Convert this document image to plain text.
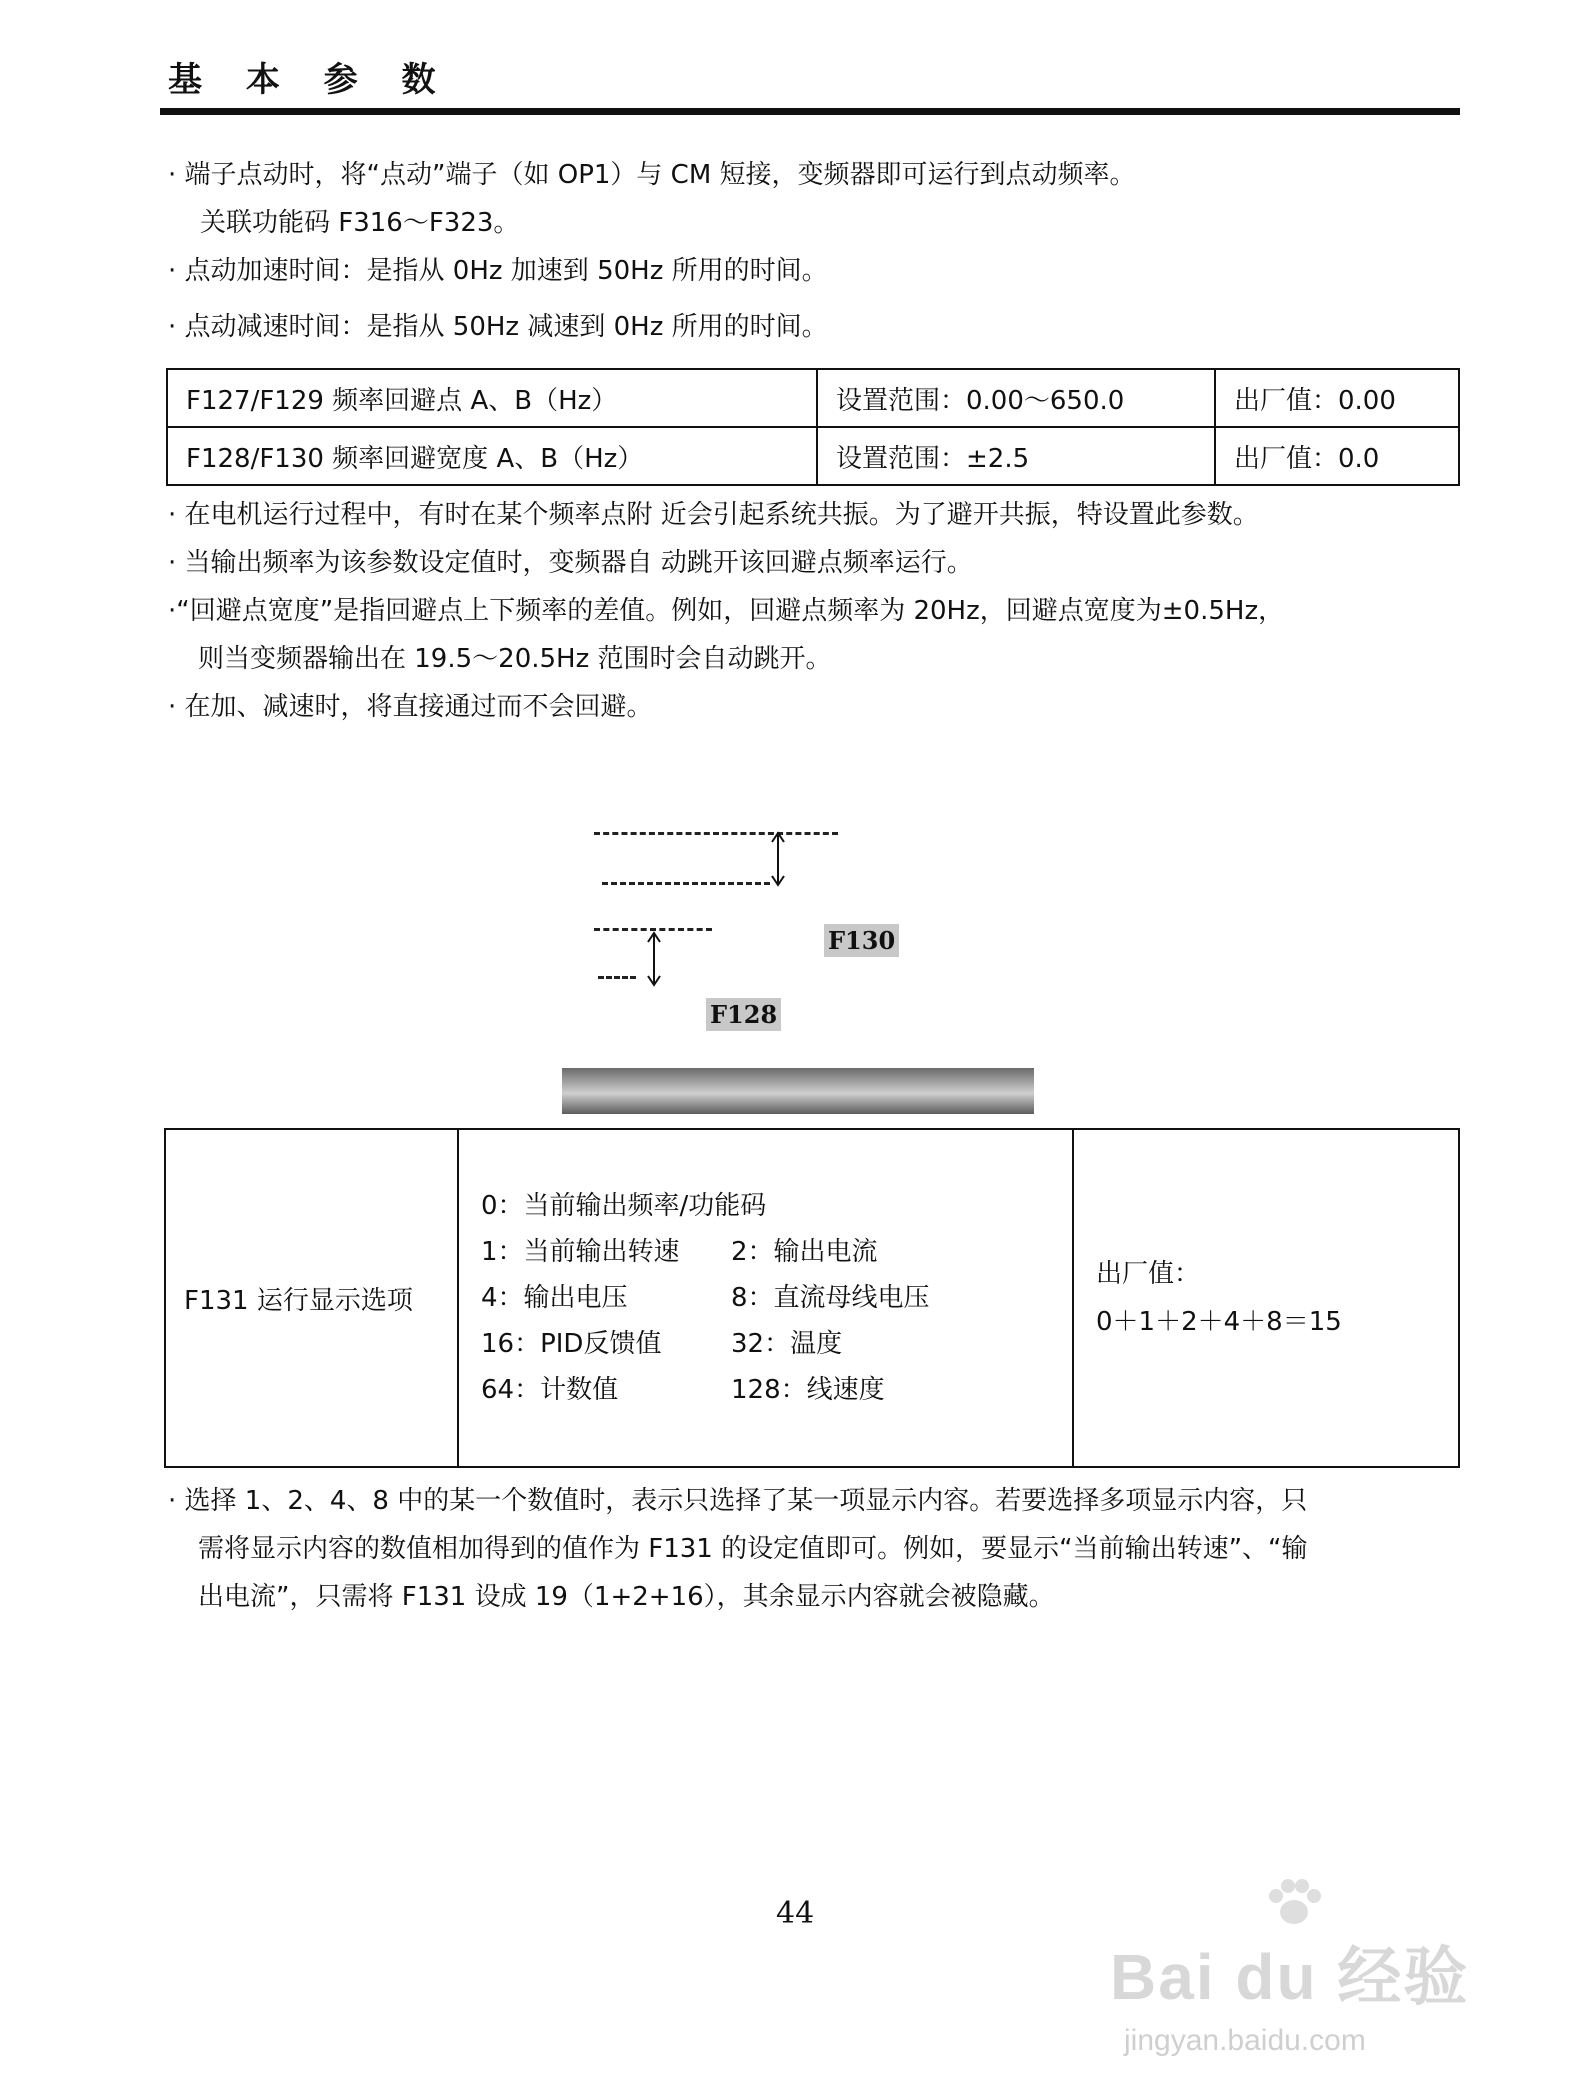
基 本 参 数
· 端子点动时，将“点动”端子（如 OP1）与 CM 短接，变频器即可运行到点动频率。
关联功能码 F316～F323。
· 点动加速时间：是指从 0Hz 加速到 50Hz 所用的时间。
· 点动减速时间：是指从 50Hz 减速到 0Hz 所用的时间。
F127/F129 频率回避点 A、B（Hz）	设置范围：0.00～650.0	出厂值：0.00
F128/F130 频率回避宽度 A、B（Hz）	设置范围：±2.5	出厂值：0.0
· 在电机运行过程中，有时在某个频率点附 近会引起系统共振。为了避开共振，特设置此参数。
· 当输出频率为该参数设定值时，变频器自 动跳开该回避点频率运行。
·“回避点宽度”是指回避点上下频率的差值。例如，回避点频率为 20Hz，回避点宽度为±0.5Hz，
则当变频器输出在 19.5～20.5Hz 范围时会自动跳开。
· 在加、减速时，将直接通过而不会回避。
F130
F128
F131 运行显示选项	
0：当前输出频率/功能码
1：当前输出转速 2：输出电流
4：输出电压	8：直流母线电压
16：PID反馈值	32：温度
64：计数值	128：线速度

出厂值：
0＋1＋2＋4＋8＝15
· 选择 1、2、4、8 中的某一个数值时，表示只选择了某一项显示内容。若要选择多项显示内容，只
需将显示内容的数值相加得到的值作为 F131 的设定值即可。例如，要显示“当前输出转速”、“输
出电流”，只需将 F131 设成 19（1+2+16），其余显示内容就会被隐藏。
44
Bai du 经验
jingyan.baidu.com
